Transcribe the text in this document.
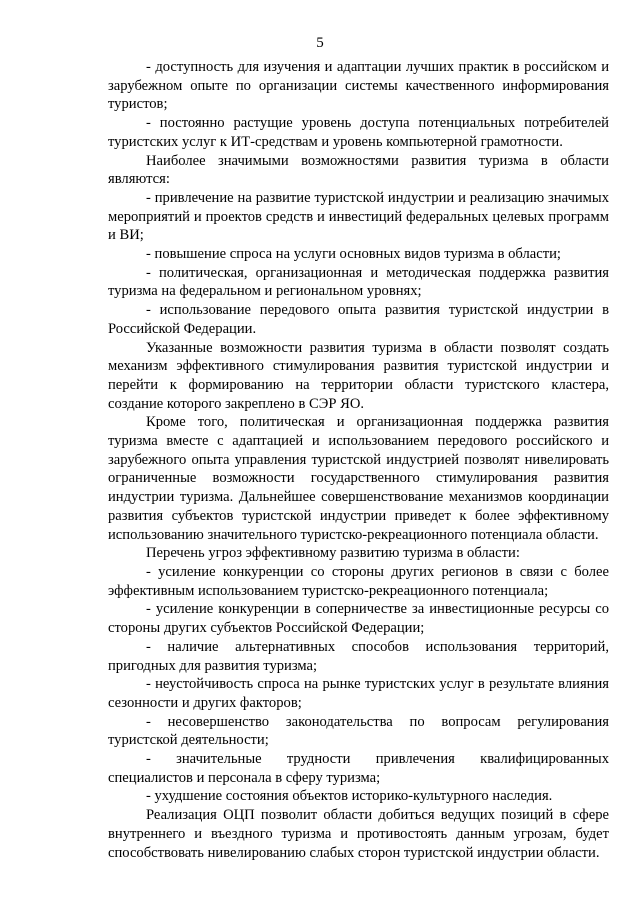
5

- доступность для изучения и адаптации лучших практик в российском и зарубежном опыте по организации системы качественного информирования туристов;

- постоянно растущие уровень доступа потенциальных потребителей туристских услуг к ИТ-средствам и уровень компьютерной грамотности.

Наиболее значимыми возможностями развития туризма в области являются:

- привлечение на развитие туристской индустрии и реализацию значимых мероприятий и проектов средств и инвестиций федеральных целевых программ и ВИ;

- повышение спроса на услуги основных видов туризма в области;

- политическая, организационная и методическая поддержка развития туризма на федеральном и региональном уровнях;

- использование передового опыта развития туристской индустрии в Российской Федерации.

Указанные возможности развития туризма в области позволят создать механизм эффективного стимулирования развития туристской индустрии и перейти к формированию на территории области туристского кластера, создание которого закреплено в СЭР ЯО.

Кроме того, политическая и организационная поддержка развития туризма вместе с адаптацией и использованием передового российского и зарубежного опыта управления туристской индустрией позволят нивелировать ограниченные возможности государственного стимулирования развития индустрии туризма. Дальнейшее совершенствование механизмов координации развития субъектов туристской индустрии приведет к более эффективному использованию значительного туристско-рекреационного потенциала области.

Перечень угроз эффективному развитию туризма в области:

- усиление конкуренции со стороны других регионов в связи с более эффективным использованием туристско-рекреационного потенциала;

- усиление конкуренции в соперничестве за инвестиционные ресурсы со стороны других субъектов Российской Федерации;

- наличие альтернативных способов использования территорий, пригодных для развития туризма;

- неустойчивость спроса на рынке туристских услуг в результате влияния сезонности и других факторов;

- несовершенство законодательства по вопросам регулирования туристской деятельности;

- значительные трудности привлечения квалифицированных специалистов и персонала в сферу туризма;

- ухудшение состояния объектов историко-культурного наследия.

Реализация ОЦП позволит области добиться ведущих позиций в сфере внутреннего и въездного туризма и противостоять данным угрозам, будет способствовать нивелированию слабых сторон туристской индустрии области.
